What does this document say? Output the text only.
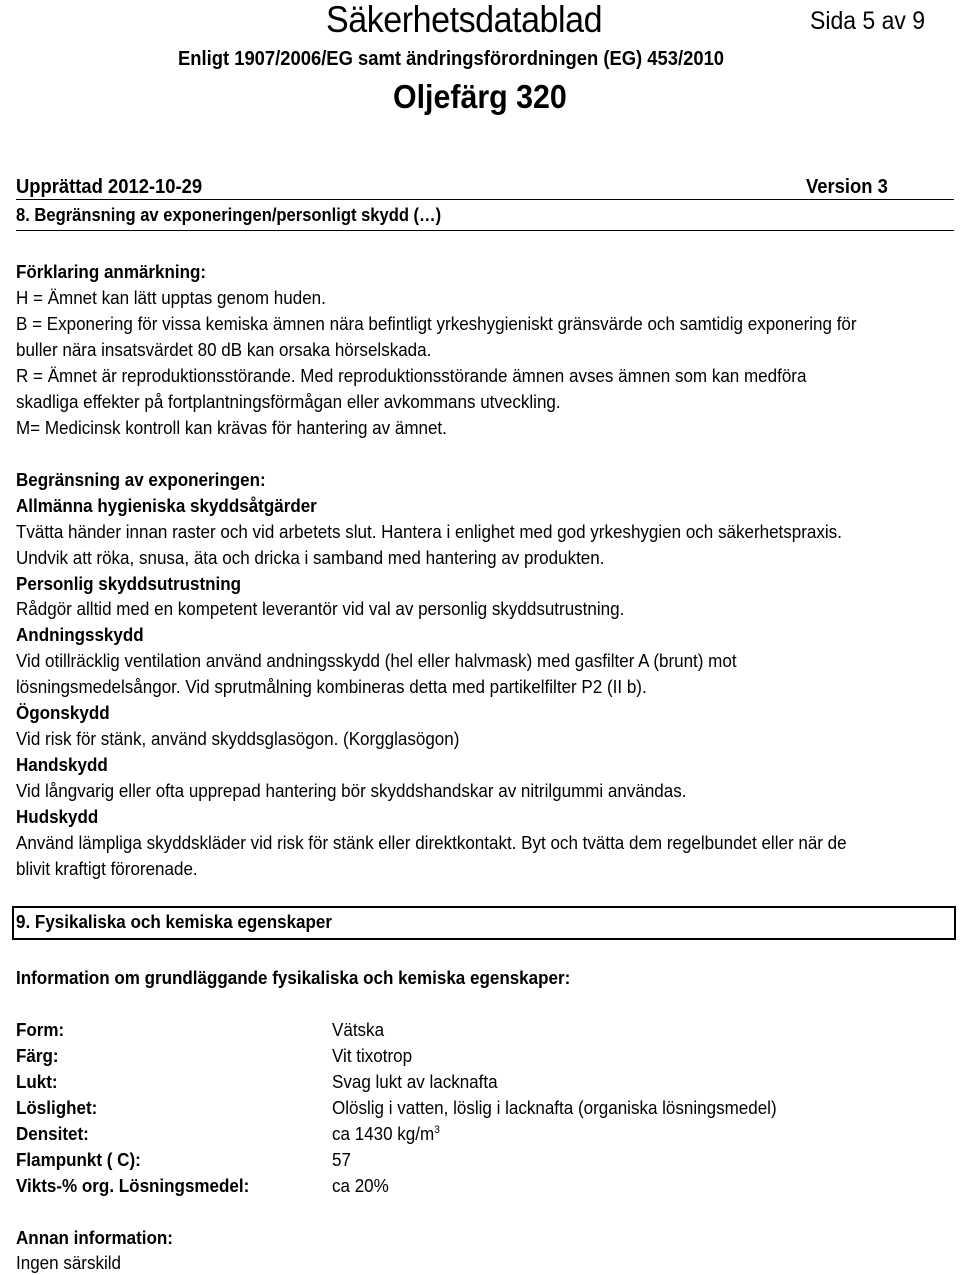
Säkerhetsdatablad	Sida 5 av 9
Enligt 1907/2006/EG samt ändringsförordningen (EG) 453/2010
Oljefärg 320
Upprättad 2012-10-29	Version 3
8. Begränsning av exponeringen/personligt skydd (…)
Förklaring anmärkning:
H = Ämnet kan lätt upptas genom huden.
B = Exponering för vissa kemiska ämnen nära befintligt yrkeshygieniskt gränsvärde och samtidig exponering för
buller nära insatsvärdet 80 dB kan orsaka hörselskada.
R = Ämnet är reproduktionsstörande. Med reproduktionsstörande ämnen avses ämnen som kan medföra
skadliga effekter på fortplantningsförmågan eller avkommans utveckling.
M= Medicinsk kontroll kan krävas för hantering av ämnet.
Begränsning av exponeringen:
Allmänna hygieniska skyddsåtgärder
Tvätta händer innan raster och vid arbetets slut. Hantera i enlighet med god yrkeshygien och säkerhetspraxis.
Undvik att röka, snusa, äta och dricka i samband med hantering av produkten.
Personlig skyddsutrustning
Rådgör alltid med en kompetent leverantör vid val av personlig skyddsutrustning.
Andningsskydd
Vid otillräcklig ventilation använd andningsskydd (hel eller halvmask) med gasfilter A (brunt) mot
lösningsmedelsångor. Vid sprutmålning kombineras detta med partikelfilter P2 (II b).
Ögonskydd
Vid risk för stänk, använd skyddsglasögon. (Korgglasögon)
Handskydd
Vid långvarig eller ofta upprepad hantering bör skyddshandskar av nitrilgummi användas.
Hudskydd
Använd lämpliga skyddskläder vid risk för stänk eller direktkontakt. Byt och tvätta dem regelbundet eller när de
blivit kraftigt förorenade.
9. Fysikaliska och kemiska egenskaper
Information om grundläggande fysikaliska och kemiska egenskaper:
Form:	Vätska
Färg:	Vit tixotrop
Lukt:	Svag lukt av lacknafta
Löslighet:	Olöslig i vatten, löslig i lacknafta (organiska lösningsmedel)
Densitet:	ca 1430 $kg/m^3$
Flampunkt ( C):	57
Vikts-% org. Lösningsmedel:	ca 20%
Annan information:
Ingen särskild
